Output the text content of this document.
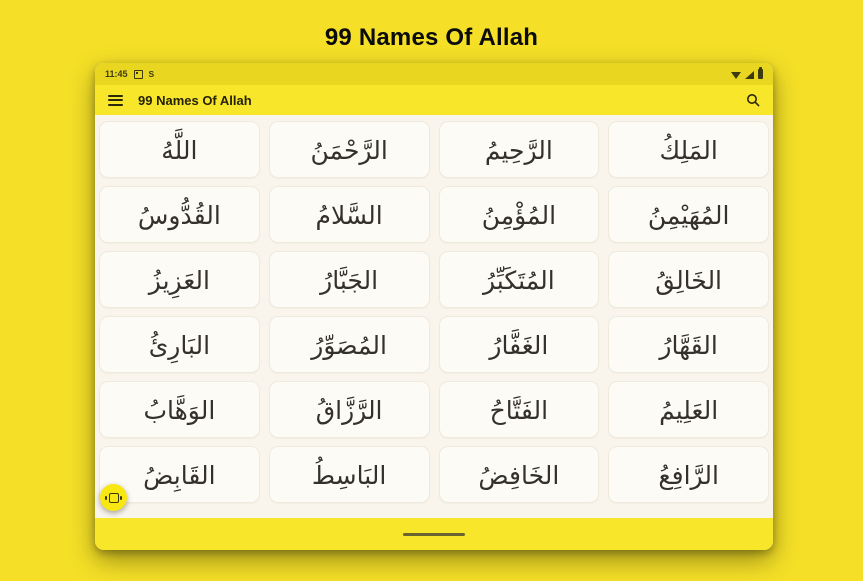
99 Names Of Allah
11:45 S
99 Names Of Allah
اللَّهُ	الرَّحْمَنُ	الرَّحِيمُ	المَلِكُ
القُدُّوسُ	السَّلامُ	المُؤْمِنُ	المُهَيْمِنُ
العَزِيزُ	الجَبَّارُ	المُتَكَبِّرُ	الخَالِقُ
البَارِئُ	المُصَوِّرُ	الغَفَّارُ	القَهَّارُ
الوَهَّابُ	الرَّزَّاقُ	الفَتَّاحُ	العَلِيمُ
القَابِضُ	البَاسِطُ	الخَافِضُ	الرَّافِعُ
